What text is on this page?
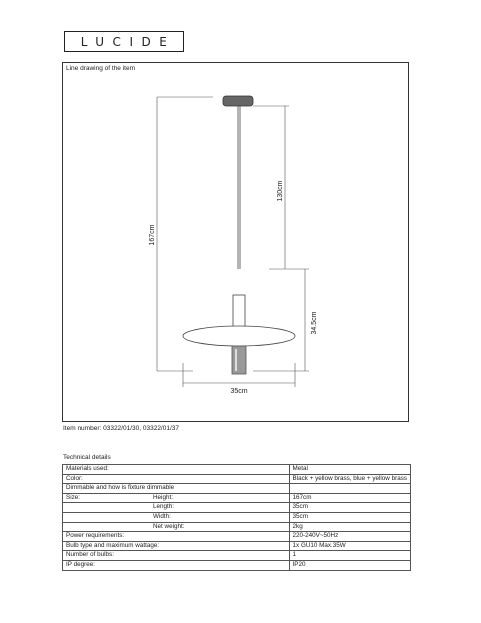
LUCIDE
167cm
130cm
34.5cm
35cm
Line drawing of the item
Item number: 03322/01/30, 03322/01/37
Technical details
Materials used:	Metal
Color:	Black + yellow brass, blue + yellow brass
Dimmable and how is fixture dimmable	
Size: Height:	167cm
Length:	35cm
Width:	35cm
Net weight:	2kg
Power requirements:	220-240V~50Hz
Bulb type and maximum wattage:	1x GU10 Max.35W
Number of bulbs:	1
IP degree:	IP20
